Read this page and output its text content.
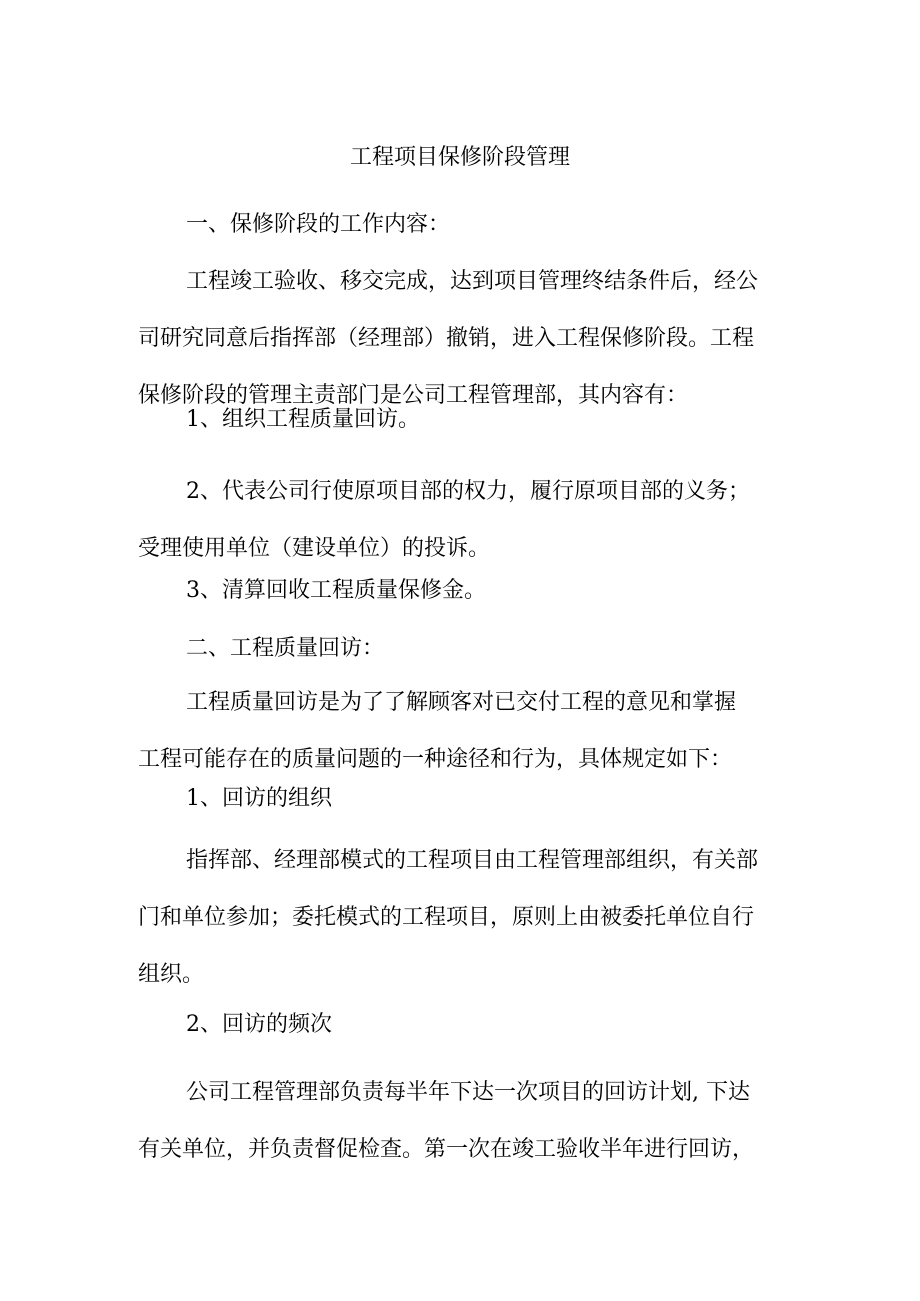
工程项目保修阶段管理
一、保修阶段的工作内容：
工程竣工验收、移交完成，达到项目管理终结条件后，经公
司研究同意后指挥部（经理部）撤销，进入工程保修阶段。工程
保修阶段的管理主责部门是公司工程管理部，其内容有：
1、组织工程质量回访。
2、代表公司行使原项目部的权力，履行原项目部的义务；
受理使用单位（建设单位）的投诉。
3、清算回收工程质量保修金。
二、工程质量回访：
工程质量回访是为了了解顾客对已交付工程的意见和掌握
工程可能存在的质量问题的一种途径和行为，具体规定如下：
1、回访的组织
指挥部、经理部模式的工程项目由工程管理部组织，有关部
门和单位参加；委托模式的工程项目，原则上由被委托单位自行
组织。
2、回访的频次
公司工程管理部负责每半年下达一次项目的回访计划, 下达
有关单位，并负责督促检查。第一次在竣工验收半年进行回访，
